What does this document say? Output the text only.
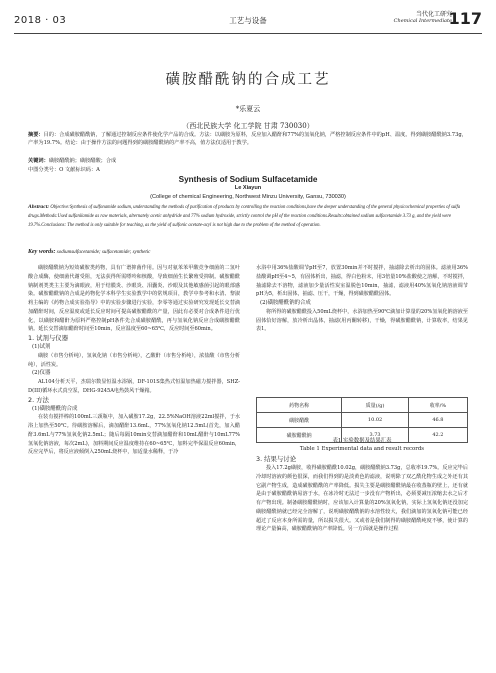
2018 · 03	工艺与设备
当代化工研究
Chemical Intermediate
117
磺胺醋酰钠的合成工艺
*乐夏云
（西北民族大学 化工学院 甘肃 730030）
摘要：目的：合成磺胺醋酰钠，了解通过控制反应条件使化学产品的合成。方法：以磺胺为原料，反应加入醋酐和77%的氢氧化钠，严格控制反应条件中的pH、温度。得到磺胺醋酰钠3.73g，产率为19.7%。结论：由于操作方法的问题得到的磺胺醋酰钠的产率不高，值方法仅适用于教学。
关键词：磺胺醋酰钠；磺胺醋酸；合成
中图分类号：O 文献标识码：A
Synthesis of Sodium Sulfacetamide
Le Xiayun
(College of chemical Engineering, Northwest Minzu University, Gansu, 730030)
Abstract: Objective:Synthesis of sulfonamide sodium, understanding the methods of purification of products by controlling the reaction conditions,have the deeper understanding of the general physicochemical properties of sulfa drugs.Methods:Used sulfanilamide as raw materials, alternately acetic anhydride and 77% sodium hydroxide, strictly control the pH of the reaction conditions.Results:obtained sodium sulfacetamide 3.73 g, and the yield were 19.7%.Conclusions: The method is only suitable for teaching, as the yield of sulfonic acetate-acyl is not high due to the problem of the method of operation.
Key words: sodiumsulfacetamide; sulfacetamide; synthetic

磺胺醋酰钠为短效磺胺类药物，具有广谱抑菌作用。因与对氨苯苯甲酸竞争细菌的二氢叶酸合成酶，使细菌代谢受阻，无法获得所需嘌呤和核酸，导致细菌生长繁殖受抑制。磺胺醋酰钠制剂类类主主要为滴眼液，用于结膜炎、沙眼炎、泪囊炎、沙眼及其他敏感菌引起的眼部感染。磺胺醋酰钠的合成是药物化学本科学生实验教学中的常规项目，教学中参考和水清、黎淑莉主编的《药物合成实验指导》中的实验步骤进行实验，李零等通过实验研究发现延长交替滴加醋酐时间，反应温度或延长反应时间可提高磺胺醋酰的产量，因此有必要对合成条件进行优化，以磺胺和醋酐为原料严格控制pH条件先合成磺胺醋酰，再与氢氧化钠反应合成磺胺醋酰钠。延长交替滴加醋酐时间至10min，反应温度至60~65℃，反应时间至60min。

1. 试剂与仪器
(1)试剂

磺胺（市售分析纯），氢氧化钠（市售分析纯），乙酸酐（市售分析纯），浓盐酸（市售分析纯），活性炭。

(2)仪器

AL104分析天平，杰瑞尔数显恒温水浴锅，DF-101S集热式恒温加热磁力搅拌器，SHZ-D(III)循环水式真空泵，DHG-9245A电热鼓风干燥箱。

2. 方法
(1)磺胺醋酰的合成

在装有搅拌棒的100mL三颈瓶中，加入磺胺17.2g，22.5%NaOH溶液22ml搅拌，于水浴上加热至50℃。待磺胺溶解后，滴加醋酐13.6mL，77%氢氧化钠12.5mL(首先，加入醋酐3.6mL与77%氢氧化钠2.5mL；随后每隔10min交替滴加醋酐和10mL醋酐与10mL77%氢氧化钠溶液，每次2mL)，加料期间反应温度维持在60~65℃，加料完毕保温反应60min，反应完毕后，将反应液倾倒入250mL烧杯中，加适量水稀释，于冷

水浴中用36%盐酸调节pH至7，放置30min并不时搅拌，抽滤除去析出的固体。滤液用36%盐酸调pH至4~5，有固体析出，抽滤，得白色粉末，用3倍量10%盐酸使之溶解，不时搅拌，抽滤除去不溶物，滤液加少量活性炭室温脱色10min，抽滤，滤液用40%氢氧化钠溶液调节pH为5，析出固体，抽滤、压干，干燥，得到磺胺醋酰固体。

(2)磺胺醋酰钠的合成

将所得的磺胺醋酰投入50mL烧杯中，水浴加热至90℃滴加计算量的20%氢氧化钠溶液至固体恰好溶解，放冷析出晶体，抽滤(用丙酮转移)，干燥，得磺胺醋酰钠，计算收率，结果见表1。

药物名称	质量(/g)	收率/%
磺胺醋酰	10.02	46.8
磺胺醋酰钠	3.73	42.2
表1 实验数据及结果汇表
Table 1 Experimental data and result records
3. 结果与讨论

投入17.2g磺胺，收得磺胺醋酰10.02g，磺胺醋酰钠3.73g，总收率19.7%。反应完毕后冷却时溶液的颜色很深，而我们得到的是淡黄色的滤液，说明除了双乙酰化物生成之外还有其它副产物生成，造成磺胺醋酰的产率降低。损失主要是磺胺醋酰钠最在收蒸瓶的壁上，还有就是由于磺胺醋酰钠易溶于水，在冰冷时无法过一步没有产物析出，必须要减压浓缩去水之后才有产物出现。制备磺胺醋酰钠时，应该加入计算量的20%氢氧化钠，实际上氢氧化钠还没加完磺胺醋酰钠就已经完全溶解了，说明磺胺醋酰钠的水溶性较大，我们滴加的氢氧化钠可能已经超过了反应本身所需的量，所以损失很大。又或者是我们制得的磺胺醋酰纯度不够，使计算的理论产量偏高，磺胺醋酰钠的产率降低。另一方面就是操作过程
